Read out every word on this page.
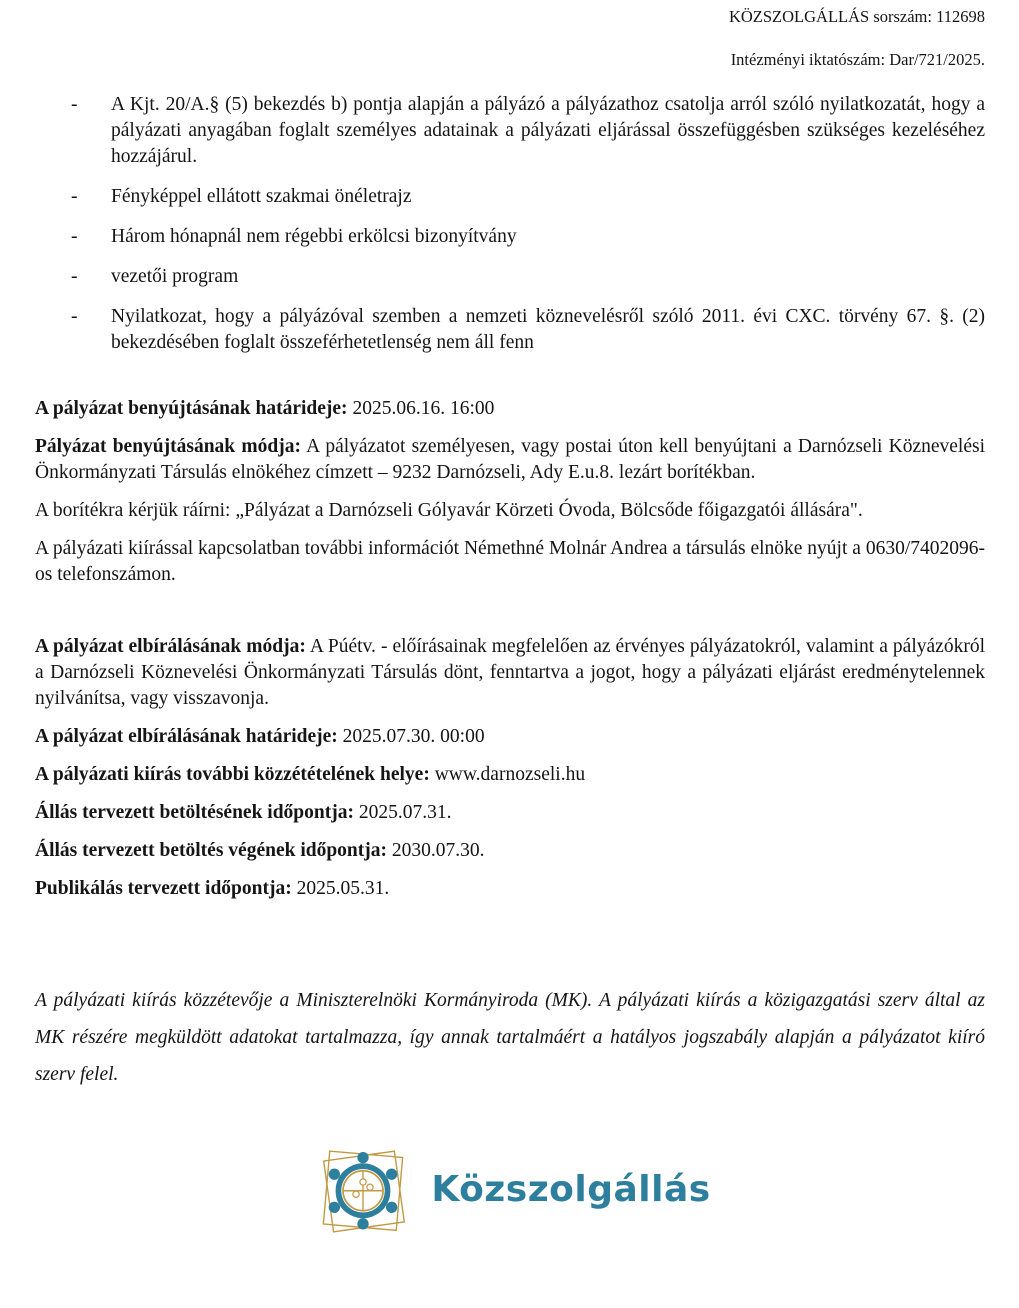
KÖZSZOLGÁLLÁS sorszám: 112698
Intézményi iktatószám: Dar/721/2025.
-	A Kjt. 20/A.§ (5) bekezdés b) pontja alapján a pályázó a pályázathoz csatolja arról szóló nyilatkozatát, hogy a pályázati anyagában foglalt személyes adatainak a pályázati eljárással összefüggésben szükséges kezeléséhez hozzájárul.
-	Fényképpel ellátott szakmai önéletrajz
-	Három hónapnál nem régebbi erkölcsi bizonyítvány
-	vezetői program
-	Nyilatkozat, hogy a pályázóval szemben a nemzeti köznevelésről szóló 2011. évi CXC. törvény 67. §. (2) bekezdésében foglalt összeférhetetlenség nem áll fenn

A pályázat benyújtásának határideje: 2025.06.16. 16:00

Pályázat benyújtásának módja: A pályázatot személyesen, vagy postai úton kell benyújtani a Darnózseli Köznevelési Önkormányzati Társulás elnökéhez címzett – 9232 Darnózseli, Ady E.u.8. lezárt borítékban.

A borítékra kérjük ráírni: „Pályázat a Darnózseli Gólyavár Körzeti Óvoda, Bölcsőde főigazgatói állására".

A pályázati kiírással kapcsolatban további információt Némethné Molnár Andrea a társulás elnöke nyújt a 0630/7402096-os telefonszámon.

A pályázat elbírálásának módja: A Púétv. - előírásainak megfelelően az érvényes pályázatokról, valamint a pályázókról a Darnózseli Köznevelési Önkormányzati Társulás dönt, fenntartva a jogot, hogy a pályázati eljárást eredménytelennek nyilvánítsa, vagy visszavonja.

A pályázat elbírálásának határideje: 2025.07.30. 00:00

A pályázati kiírás további közzétételének helye: www.darnozseli.hu

Állás tervezett betöltésének időpontja: 2025.07.31.

Állás tervezett betöltés végének időpontja: 2030.07.30.

Publikálás tervezett időpontja: 2025.05.31.

A pályázati kiírás közzétevője a Miniszterelnöki Kormányiroda (MK). A pályázati kiírás a közigazgatási szerv által az MK részére megküldött adatokat tartalmazza, így annak tartalmáért a hatályos jogszabály alapján a pályázatot kiíró szerv felel.

Közszolgállás
